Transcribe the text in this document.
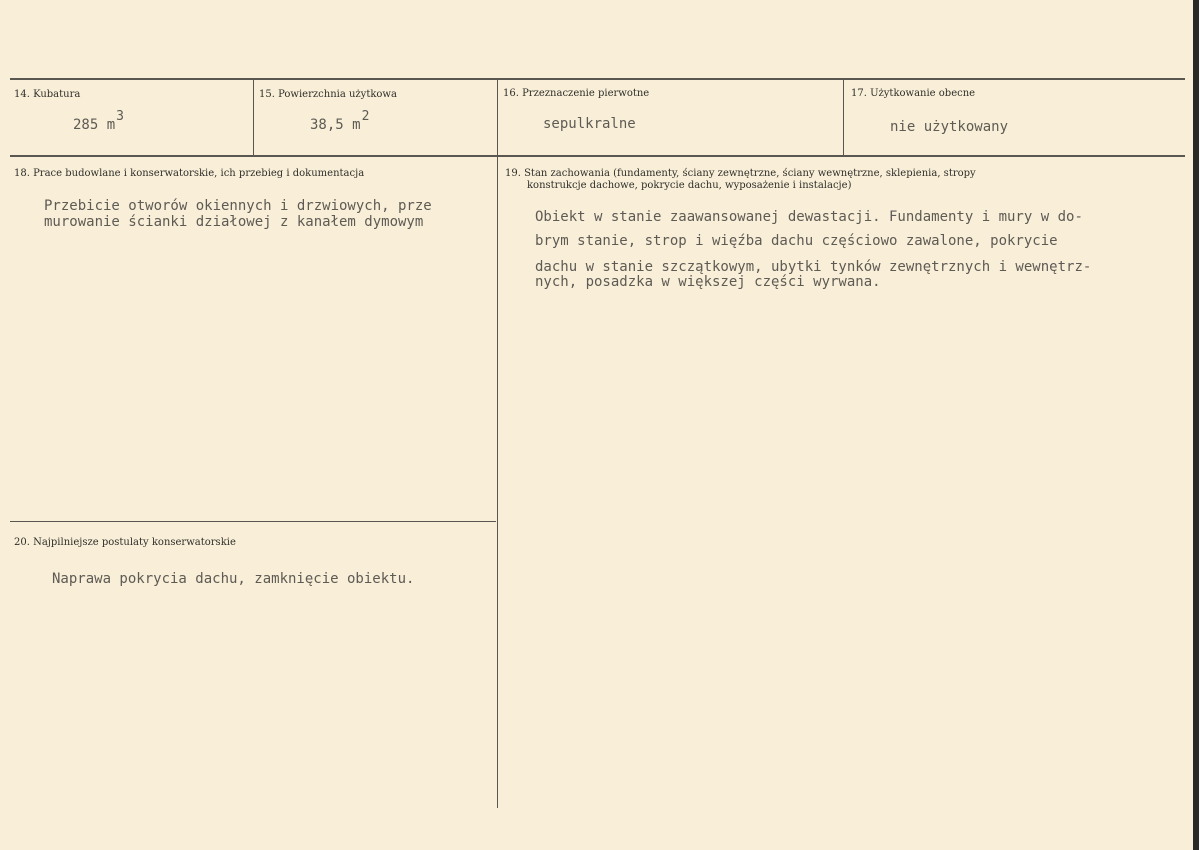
14. Kubatura
285 m3
15. Powierzchnia użytkowa
38,5 m2
16. Przeznaczenie pierwotne
sepulkralne
17. Użytkowanie obecne
nie użytkowany
18. Prace budowlane i konserwatorskie, ich przebieg i dokumentacja
Przebicie otworów okiennych i drzwiowych, prze
murowanie ścianki działowej z kanałem dymowym
19. Stan zachowania (fundamenty, ściany zewnętrzne, ściany wewnętrzne, sklepienia, stropy
konstrukcje dachowe, pokrycie dachu, wyposażenie i instalacje)
Obiekt w stanie zaawansowanej dewastacji. Fundamenty i mury w do-
brym stanie, strop i więźba dachu częściowo zawalone, pokrycie
dachu w stanie szczątkowym, ubytki tynków zewnętrznych i wewnętrz-
nych, posadzka w większej części wyrwana.
20. Najpilniejsze postulaty konserwatorskie
Naprawa pokrycia dachu, zamknięcie obiektu.
